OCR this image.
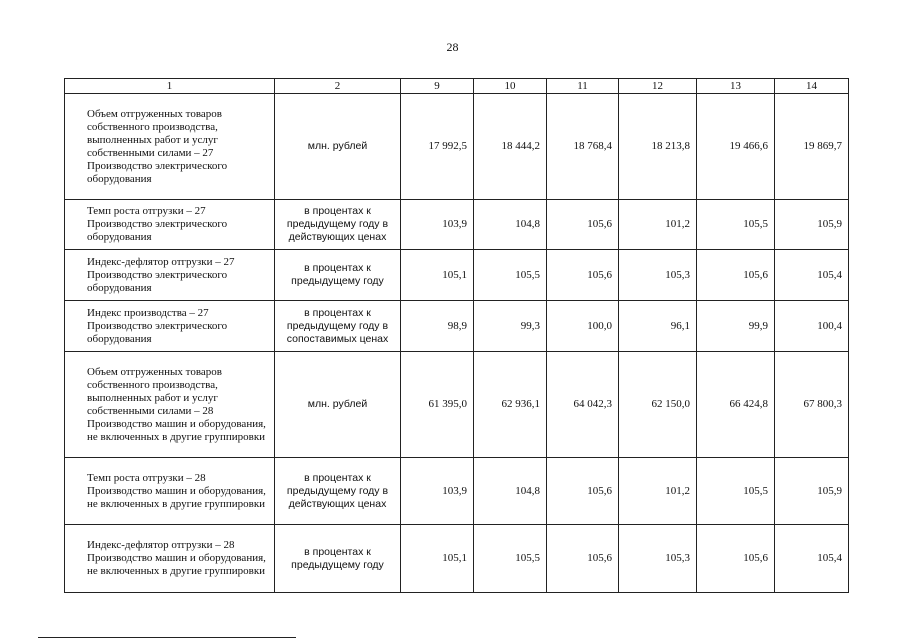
28
1	2	9	10	11	12	13	14
Объем отгруженных товаров собственного производства, выполненных работ и услуг собственными силами – 27 Производство электрического оборудования	млн. рублей	17 992,5	18 444,2	18 768,4	18 213,8	19 466,6	19 869,7
Темп роста отгрузки – 27 Производство электрического оборудования	в процентах к предыдущему году в действующих ценах	103,9	104,8	105,6	101,2	105,5	105,9
Индекс-дефлятор отгрузки – 27 Производство электрического оборудования	в процентах к предыдущему году	105,1	105,5	105,6	105,3	105,6	105,4
Индекс производства – 27 Производство электрического оборудования	в процентах к предыдущему году в сопоставимых ценах	98,9	99,3	100,0	96,1	99,9	100,4
Объем отгруженных товаров собственного производства, выполненных работ и услуг собственными силами – 28 Производство машин и оборудования, не включенных в другие группировки	млн. рублей	61 395,0	62 936,1	64 042,3	62 150,0	66 424,8	67 800,3
Темп роста отгрузки – 28 Производство машин и оборудования, не включенных в другие группировки	в процентах к предыдущему году в действующих ценах	103,9	104,8	105,6	101,2	105,5	105,9
Индекс-дефлятор отгрузки – 28 Производство машин и оборудования, не включенных в другие группировки	в процентах к предыдущему году	105,1	105,5	105,6	105,3	105,6	105,4
